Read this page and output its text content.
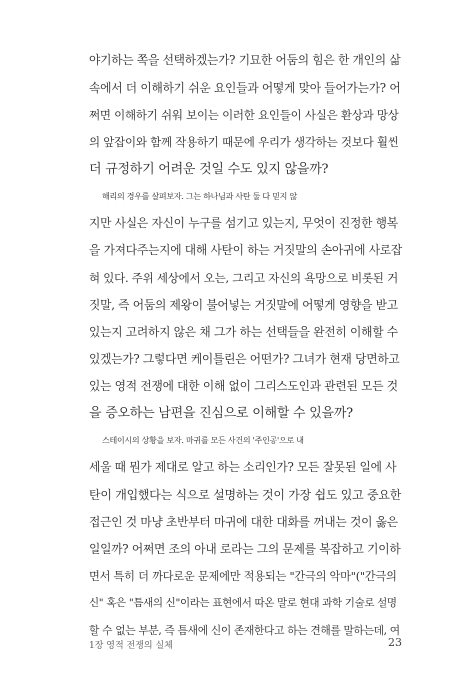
야기하는 쪽을 선택하겠는가? 기묘한 어둠의 힘은 한 개인의 삶
속에서 더 이해하기 쉬운 요인들과 어떻게 맞아 들어가는가? 어
쩌면 이해하기 쉬워 보이는 이러한 요인들이 사실은 환상과 망상
의 앞잡이와 함께 작용하기 때문에 우리가 생각하는 것보다 훨씬
더 규정하기 어려운 것일 수도 있지 않을까?
해리의 경우를 살펴보자. 그는 하나님과 사탄 둘 다 믿지 않
지만 사실은 자신이 누구를 섬기고 있는지, 무엇이 진정한 행복
을 가져다주는지에 대해 사탄이 하는 거짓말의 손아귀에 사로잡
혀 있다. 주위 세상에서 오는, 그리고 자신의 욕망으로 비롯된 거
짓말, 즉 어둠의 제왕이 불어넣는 거짓말에 어떻게 영향을 받고
있는지 고려하지 않은 채 그가 하는 선택들을 완전히 이해할 수
있겠는가? 그렇다면 케이틀린은 어떤가? 그녀가 현재 당면하고
있는 영적 전쟁에 대한 이해 없이 그리스도인과 관련된 모든 것
을 증오하는 남편을 진심으로 이해할 수 있을까?
스테이시의 상황을 보자. 마귀를 모든 사건의 '주인공'으로 내
세울 때 뭔가 제대로 알고 하는 소리인가? 모든 잘못된 일에 사
탄이 개입했다는 식으로 설명하는 것이 가장 쉽도 있고 중요한
접근인 것 마냥 초반부터 마귀에 대한 대화를 꺼내는 것이 옳은
일일까? 어쩌면 조의 아내 로라는 그의 문제를 복잡하고 기이하
면서 특히 더 까다로운 문제에만 적용되는 "간극의 악마"("간극의
신" 혹은 "틈새의 신"이라는 표현에서 따온 말로 현대 과학 기술로 설명
할 수 없는 부분, 즉 틈새에 신이 존재한다고 하는 견해를 말하는데, 여
1장 영적 전쟁의 실체	23
